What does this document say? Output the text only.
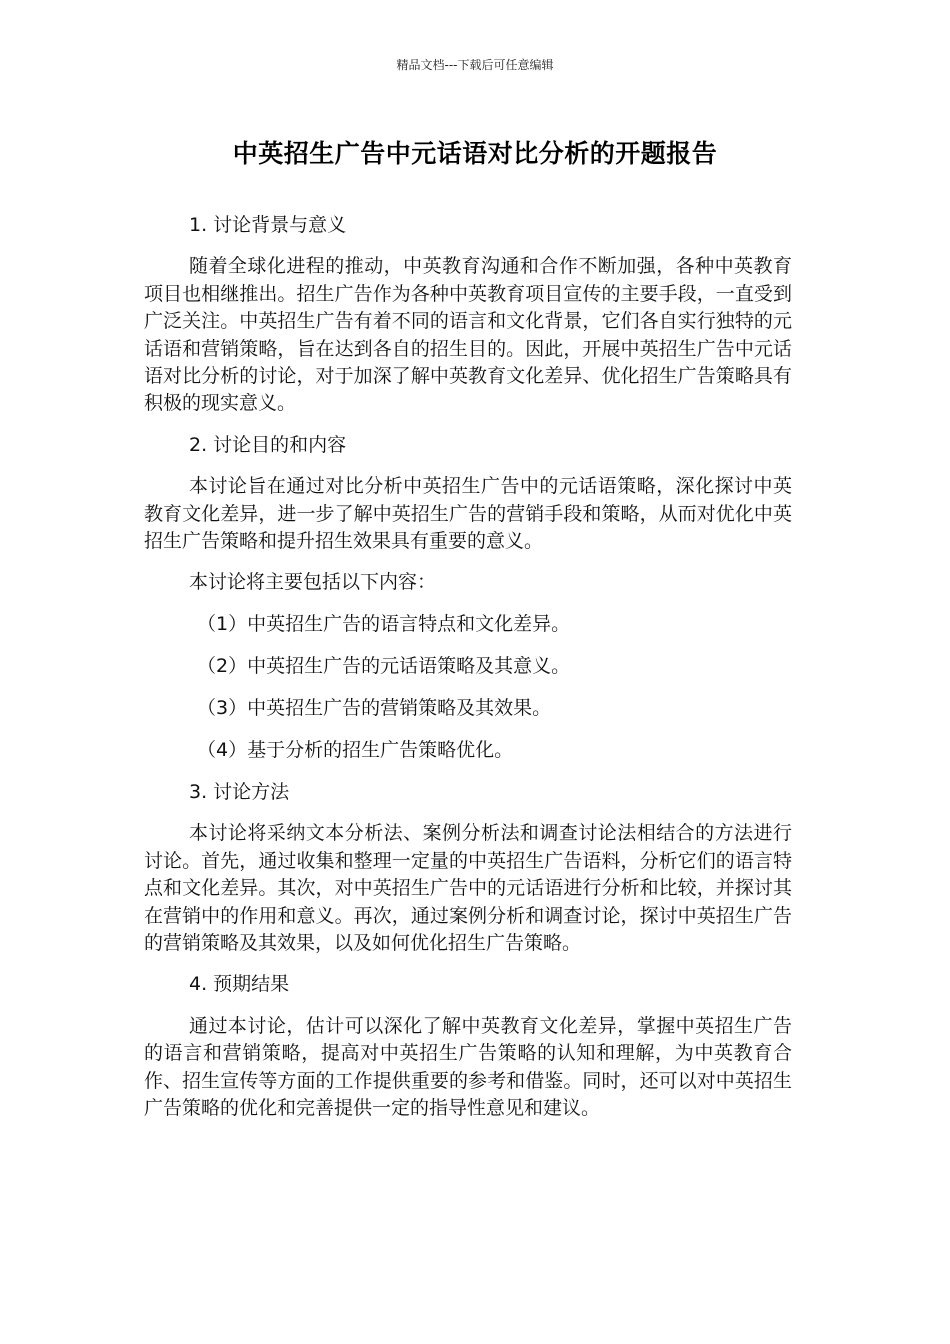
精品文档---下载后可任意编辑
中英招生广告中元话语对比分析的开题报告

1. 讨论背景与意义

随着全球化进程的推动，中英教育沟通和合作不断加强，各种中英教育项目也相继推出。招生广告作为各种中英教育项目宣传的主要手段，一直受到广泛关注。中英招生广告有着不同的语言和文化背景，它们各自实行独特的元话语和营销策略，旨在达到各自的招生目的。因此，开展中英招生广告中元话语对比分析的讨论，对于加深了解中英教育文化差异、优化招生广告策略具有积极的现实意义。

2. 讨论目的和内容

本讨论旨在通过对比分析中英招生广告中的元话语策略，深化探讨中英教育文化差异，进一步了解中英招生广告的营销手段和策略，从而对优化中英招生广告策略和提升招生效果具有重要的意义。

本讨论将主要包括以下内容：

（1）中英招生广告的语言特点和文化差异。

（2）中英招生广告的元话语策略及其意义。

（3）中英招生广告的营销策略及其效果。

（4）基于分析的招生广告策略优化。

3. 讨论方法

本讨论将采纳文本分析法、案例分析法和调查讨论法相结合的方法进行讨论。首先，通过收集和整理一定量的中英招生广告语料，分析它们的语言特点和文化差异。其次，对中英招生广告中的元话语进行分析和比较，并探讨其在营销中的作用和意义。再次，通过案例分析和调查讨论，探讨中英招生广告的营销策略及其效果，以及如何优化招生广告策略。

4. 预期结果

通过本讨论，估计可以深化了解中英教育文化差异，掌握中英招生广告的语言和营销策略，提高对中英招生广告策略的认知和理解，为中英教育合作、招生宣传等方面的工作提供重要的参考和借鉴。同时，还可以对中英招生广告策略的优化和完善提供一定的指导性意见和建议。
